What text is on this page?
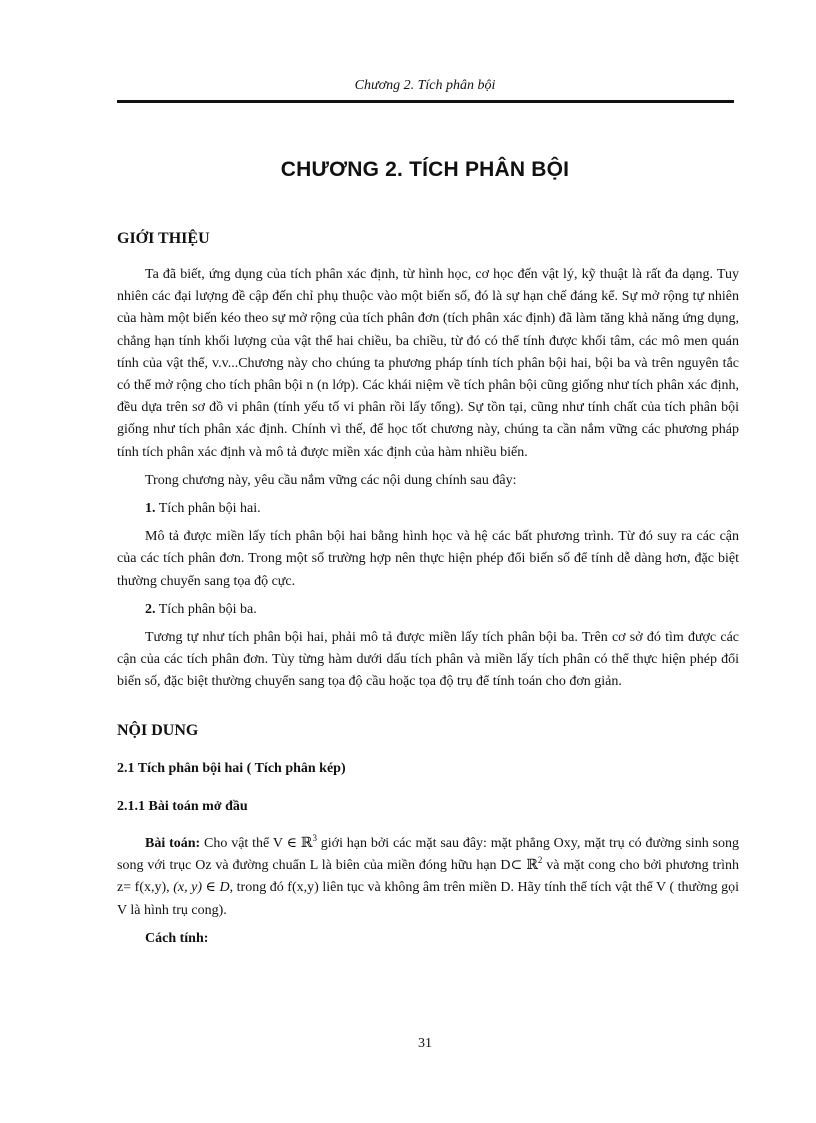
Chương 2. Tích phân bội
CHƯƠNG 2. TÍCH PHÂN BỘI
GIỚI THIỆU

Ta đã biết, ứng dụng của tích phân xác định, từ hình học, cơ học đến vật lý, kỹ thuật là rất đa dạng. Tuy nhiên các đại lượng đề cập đến chỉ phụ thuộc vào một biến số, đó là sự hạn chế đáng kể. Sự mở rộng tự nhiên của hàm một biến kéo theo sự mở rộng của tích phân đơn (tích phân xác định) đã làm tăng khả năng ứng dụng, chẳng hạn tính khối lượng của vật thể hai chiều, ba chiều, từ đó có thể tính được khối tâm, các mô men quán tính của vật thể, v.v...Chương này cho chúng ta phương pháp tính tích phân bội hai, bội ba và trên nguyên tắc có thể mở rộng cho tích phân bội n (n lớp). Các khái niệm về tích phân bội cũng giống như tích phân xác định, đều dựa trên sơ đồ vi phân (tính yếu tố vi phân rồi lấy tổng). Sự tồn tại, cũng như tính chất của tích phân bội giống như tích phân xác định. Chính vì thế, để học tốt chương này, chúng ta cần nắm vững các phương pháp tính tích phân xác định và mô tả được miền xác định của hàm nhiều biến.

Trong chương này, yêu cầu nắm vững các nội dung chính sau đây:

1. Tích phân bội hai.

Mô tả được miền lấy tích phân bội hai bằng hình học và hệ các bất phương trình. Từ đó suy ra các cận của các tích phân đơn. Trong một số trường hợp nên thực hiện phép đổi biến số để tính dễ dàng hơn, đặc biệt thường chuyển sang tọa độ cực.

2. Tích phân bội ba.

Tương tự như tích phân bội hai, phải mô tả được miền lấy tích phân bội ba. Trên cơ sở đó tìm được các cận của các tích phân đơn. Tùy từng hàm dưới dấu tích phân và miền lấy tích phân có thể thực hiện phép đổi biến số, đặc biệt thường chuyển sang tọa độ cầu hoặc tọa độ trụ để tính toán cho đơn giản.

NỘI DUNG
2.1 Tích phân bội hai ( Tích phân kép)
2.1.1 Bài toán mở đầu

Bài toán: Cho vật thể V ∈ ℝ$^3$ giới hạn bởi các mặt sau đây: mặt phẳng Oxy, mặt trụ có đường sinh song song với trục Oz và đường chuẩn L là biên của miền đóng hữu hạn D⊂ ℝ$^2$ và mặt cong cho bởi phương trình z= f(x,y), (x, y) ∈ D, trong đó f(x,y) liên tục và không âm trên miền D. Hãy tính thể tích vật thể V ( thường gọi V là hình trụ cong).

Cách tính:

31
